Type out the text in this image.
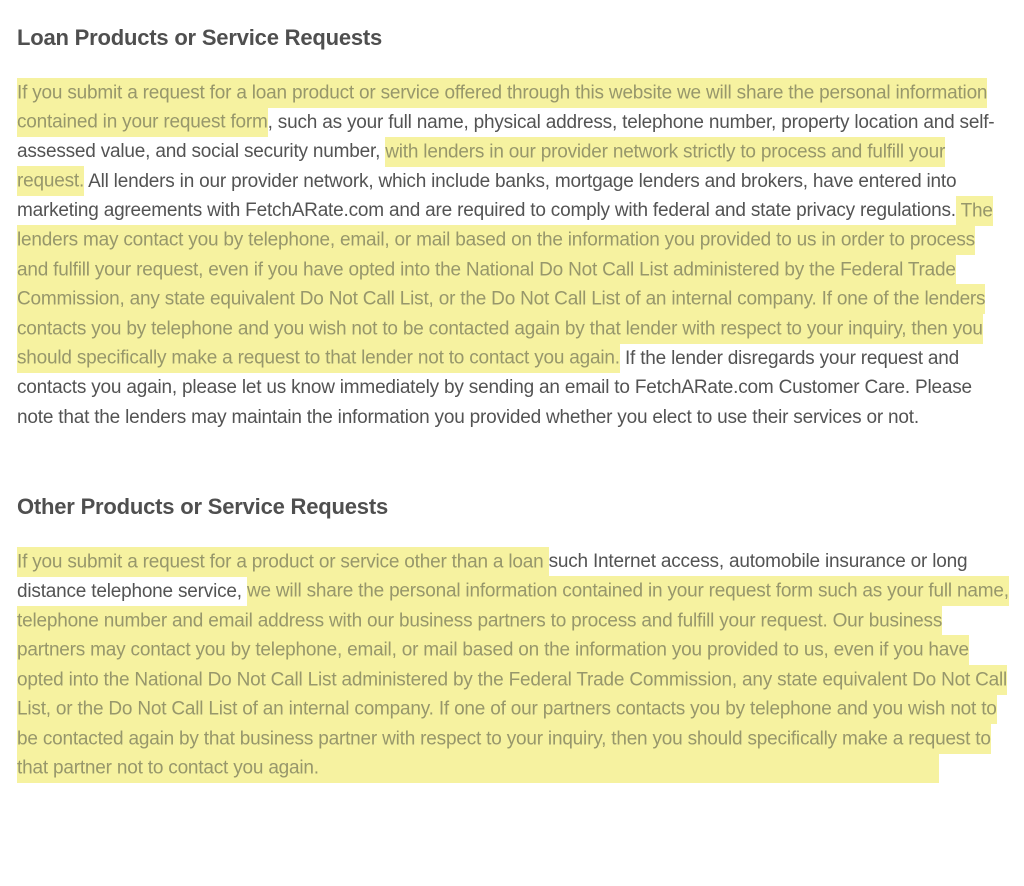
Loan Products or Service Requests

If you submit a request for a loan product or service offered through this website we will share the personal information contained in your request form, such as your full name, physical address, telephone number, property location and self-assessed value, and social security number, with lenders in our provider network strictly to process and fulfill your request. All lenders in our provider network, which include banks, mortgage lenders and brokers, have entered into marketing agreements with FetchARate.com and are required to comply with federal and state privacy regulations. The lenders may contact you by telephone, email, or mail based on the information you provided to us in order to process and fulfill your request, even if you have opted into the National Do Not Call List administered by the Federal Trade Commission, any state equivalent Do Not Call List, or the Do Not Call List of an internal company. If one of the lenders contacts you by telephone and you wish not to be contacted again by that lender with respect to your inquiry, then you should specifically make a request to that lender not to contact you again. If the lender disregards your request and contacts you again, please let us know immediately by sending an email to FetchARate.com Customer Care. Please note that the lenders may maintain the information you provided whether you elect to use their services or not.

Other Products or Service Requests

If you submit a request for a product or service other than a loan such Internet access, automobile insurance or long distance telephone service, we will share the personal information contained in your request form such as your full name, telephone number and email address with our business partners to process and fulfill your request. Our business partners may contact you by telephone, email, or mail based on the information you provided to us, even if you have opted into the National Do Not Call List administered by the Federal Trade Commission, any state equivalent Do Not Call List, or the Do Not Call List of an internal company. If one of our partners contacts you by telephone and you wish not to be contacted again by that business partner with respect to your inquiry, then you should specifically make a request to that partner not to contact you again.
